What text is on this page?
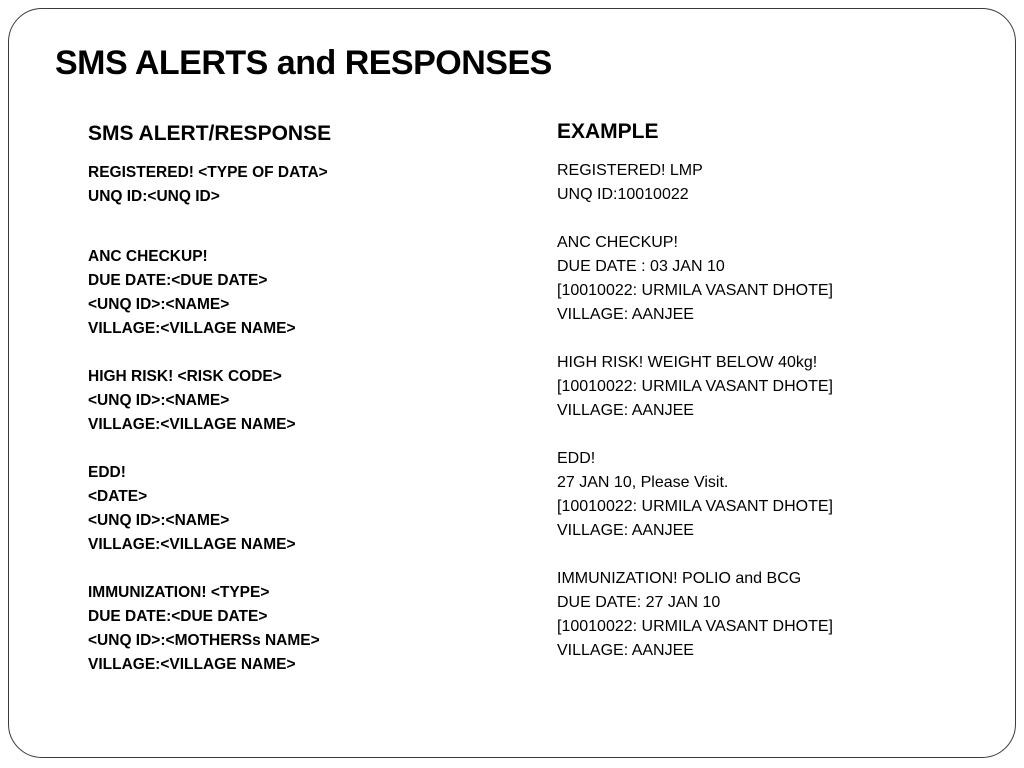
SMS ALERTS and RESPONSES
SMS ALERT/RESPONSE
REGISTERED! <TYPE OF DATA>
UNQ ID:<UNQ ID>
ANC CHECKUP!
DUE DATE:<DUE DATE>
<UNQ ID>:<NAME>
VILLAGE:<VILLAGE NAME>
HIGH RISK! <RISK CODE>
<UNQ ID>:<NAME>
VILLAGE:<VILLAGE NAME>
EDD!
<DATE>
<UNQ ID>:<NAME>
VILLAGE:<VILLAGE NAME>
IMMUNIZATION! <TYPE>
DUE DATE:<DUE DATE>
<UNQ ID>:<MOTHERSs NAME>
VILLAGE:<VILLAGE NAME>
EXAMPLE
REGISTERED! LMP
UNQ ID:10010022
ANC CHECKUP!
DUE DATE : 03 JAN 10
[10010022: URMILA VASANT DHOTE]
VILLAGE: AANJEE
HIGH RISK! WEIGHT BELOW 40kg!
[10010022: URMILA VASANT DHOTE]
VILLAGE: AANJEE
EDD!
27 JAN 10, Please Visit.
[10010022: URMILA VASANT DHOTE]
VILLAGE: AANJEE
IMMUNIZATION! POLIO and BCG
DUE DATE: 27 JAN 10
[10010022: URMILA VASANT DHOTE]
VILLAGE: AANJEE
